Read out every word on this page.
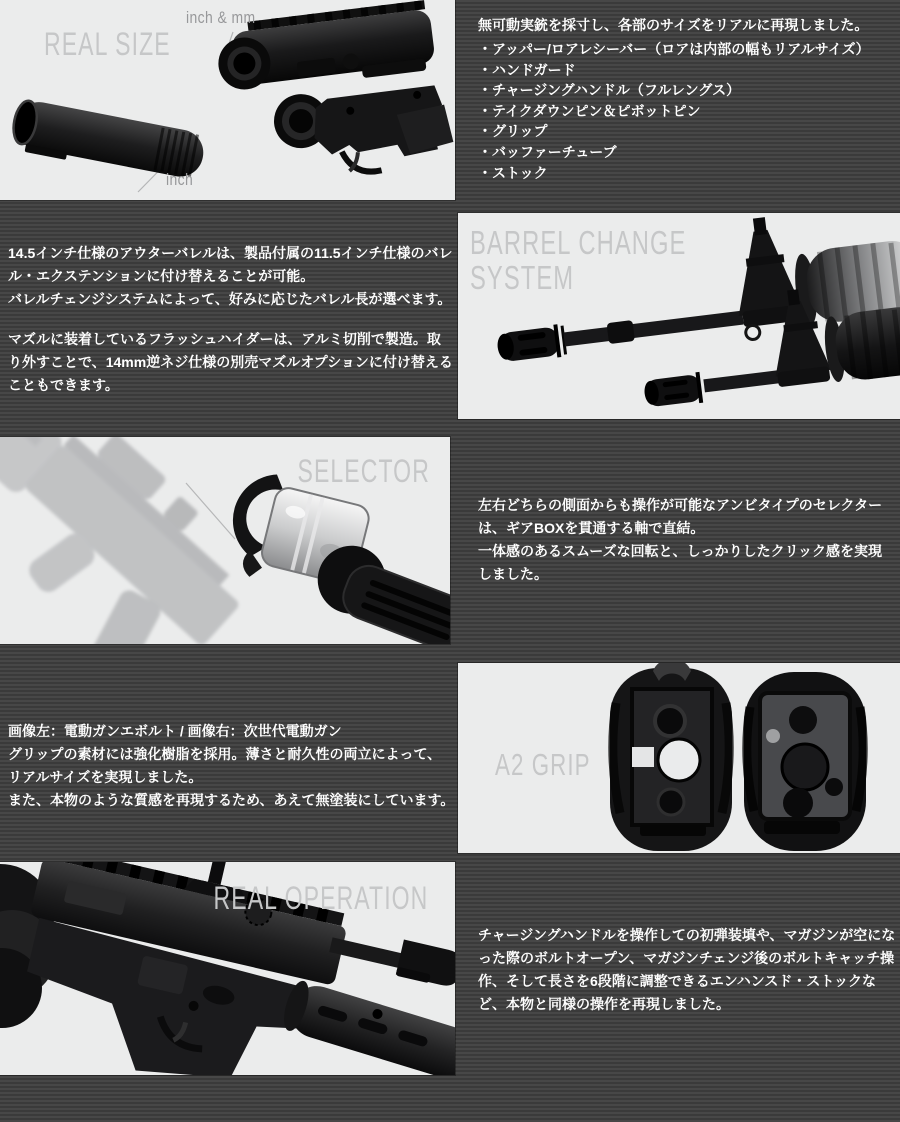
REAL SIZE
inch & mm
inch
無可動実銃を採寸し、各部のサイズをリアルに再現しました。
・アッパー/ロアレシーバー（ロアは内部の幅もリアルサイズ）
・ハンドガード
・チャージングハンドル（フルレングス）
・テイクダウンピン＆ピボットピン
・グリップ
・バッファーチューブ
・ストック
14.5インチ仕様のアウターバレルは、製品付属の11.5インチ仕様のバレル・エクステンションに付け替えることが可能。
バレルチェンジシステムによって、好みに応じたバレル長が選べます。
マズルに装着しているフラッシュハイダーは、アルミ切削で製造。取り外すことで、14mm逆ネジ仕様の別売マズルオプションに付け替えることもできます。
BARREL CHANGE
SYSTEM
SELECTOR
左右どちらの側面からも操作が可能なアンビタイプのセレクターは、ギアBOXを貫通する軸で直結。
一体感のあるスムーズな回転と、しっかりしたクリック感を実現しました。
画像左：電動ガンエボルト / 画像右：次世代電動ガン
グリップの素材には強化樹脂を採用。薄さと耐久性の両立によって、リアルサイズを実現しました。
また、本物のような質感を再現するため、あえて無塗装にしています。
A2 GRIP
REAL OPERATION
チャージングハンドルを操作しての初弾装填や、マガジンが空になった際のボルトオープン、マガジンチェンジ後のボルトキャッチ操作、そして長さを6段階に調整できるエンハンスド・ストックなど、本物と同様の操作を再現しました。
